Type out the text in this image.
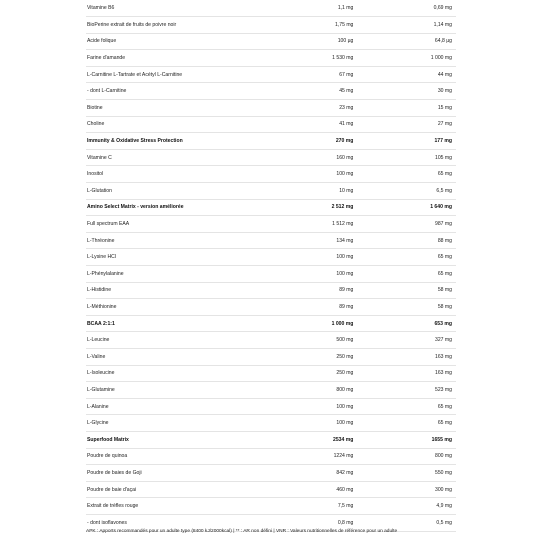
Vitamine B6	1,1 mg	0,69 mg
BioPerine extrait de fruits de poivre noir	1,75 mg	1,14 mg
Acide folique	100 µg	64,8 µg
Farine d'amande	1 530 mg	1 000 mg
L-Carnitine L-Tartrate et Acétyl L-Carnitine	67 mg	44 mg
- dont L-Carnitine	45 mg	30 mg
Biotine	23 mg	15 mg
Choline	41 mg	27 mg
Immunity & Oxidative Stress Protection	270 mg	177 mg
Vitamine C	160 mg	105 mg
Inositol	100 mg	65 mg
L-Glutation	10 mg	6,5 mg
Amino Select Matrix - version améliorée	2 512 mg	1 640 mg
Full spectrum EAA	1 512 mg	987 mg
L-Thréonine	134 mg	88 mg
L-Lysine HCl	100 mg	65 mg
L-Phénylalanine	100 mg	65 mg
L-Histidine	89 mg	58 mg
L-Méthionine	89 mg	58 mg
BCAA 2:1:1	1 000 mg	653 mg
L-Leucine	500 mg	327 mg
L-Valine	250 mg	163 mg
L-Isoleucine	250 mg	163 mg
L-Glutamine	800 mg	523 mg
L-Alanine	100 mg	65 mg
L-Glycine	100 mg	65 mg
Superfood Matrix	2534 mg	1655 mg
Poudre de quinoa	1224 mg	800 mg
Poudre de baies de Goji	842 mg	550 mg
Poudre de baie d'açai	460 mg	300 mg
Extrait de trèfles rouge	7,5 mg	4,9 mg
- dont isoflavones	0,8 mg	0,5 mg
APK : Apports recommandés pour un adulte type (8400 kJ/2000kcal) | ** : AR non défini | VNR : Valeurs nutritionnelles de référence pour un adulte
